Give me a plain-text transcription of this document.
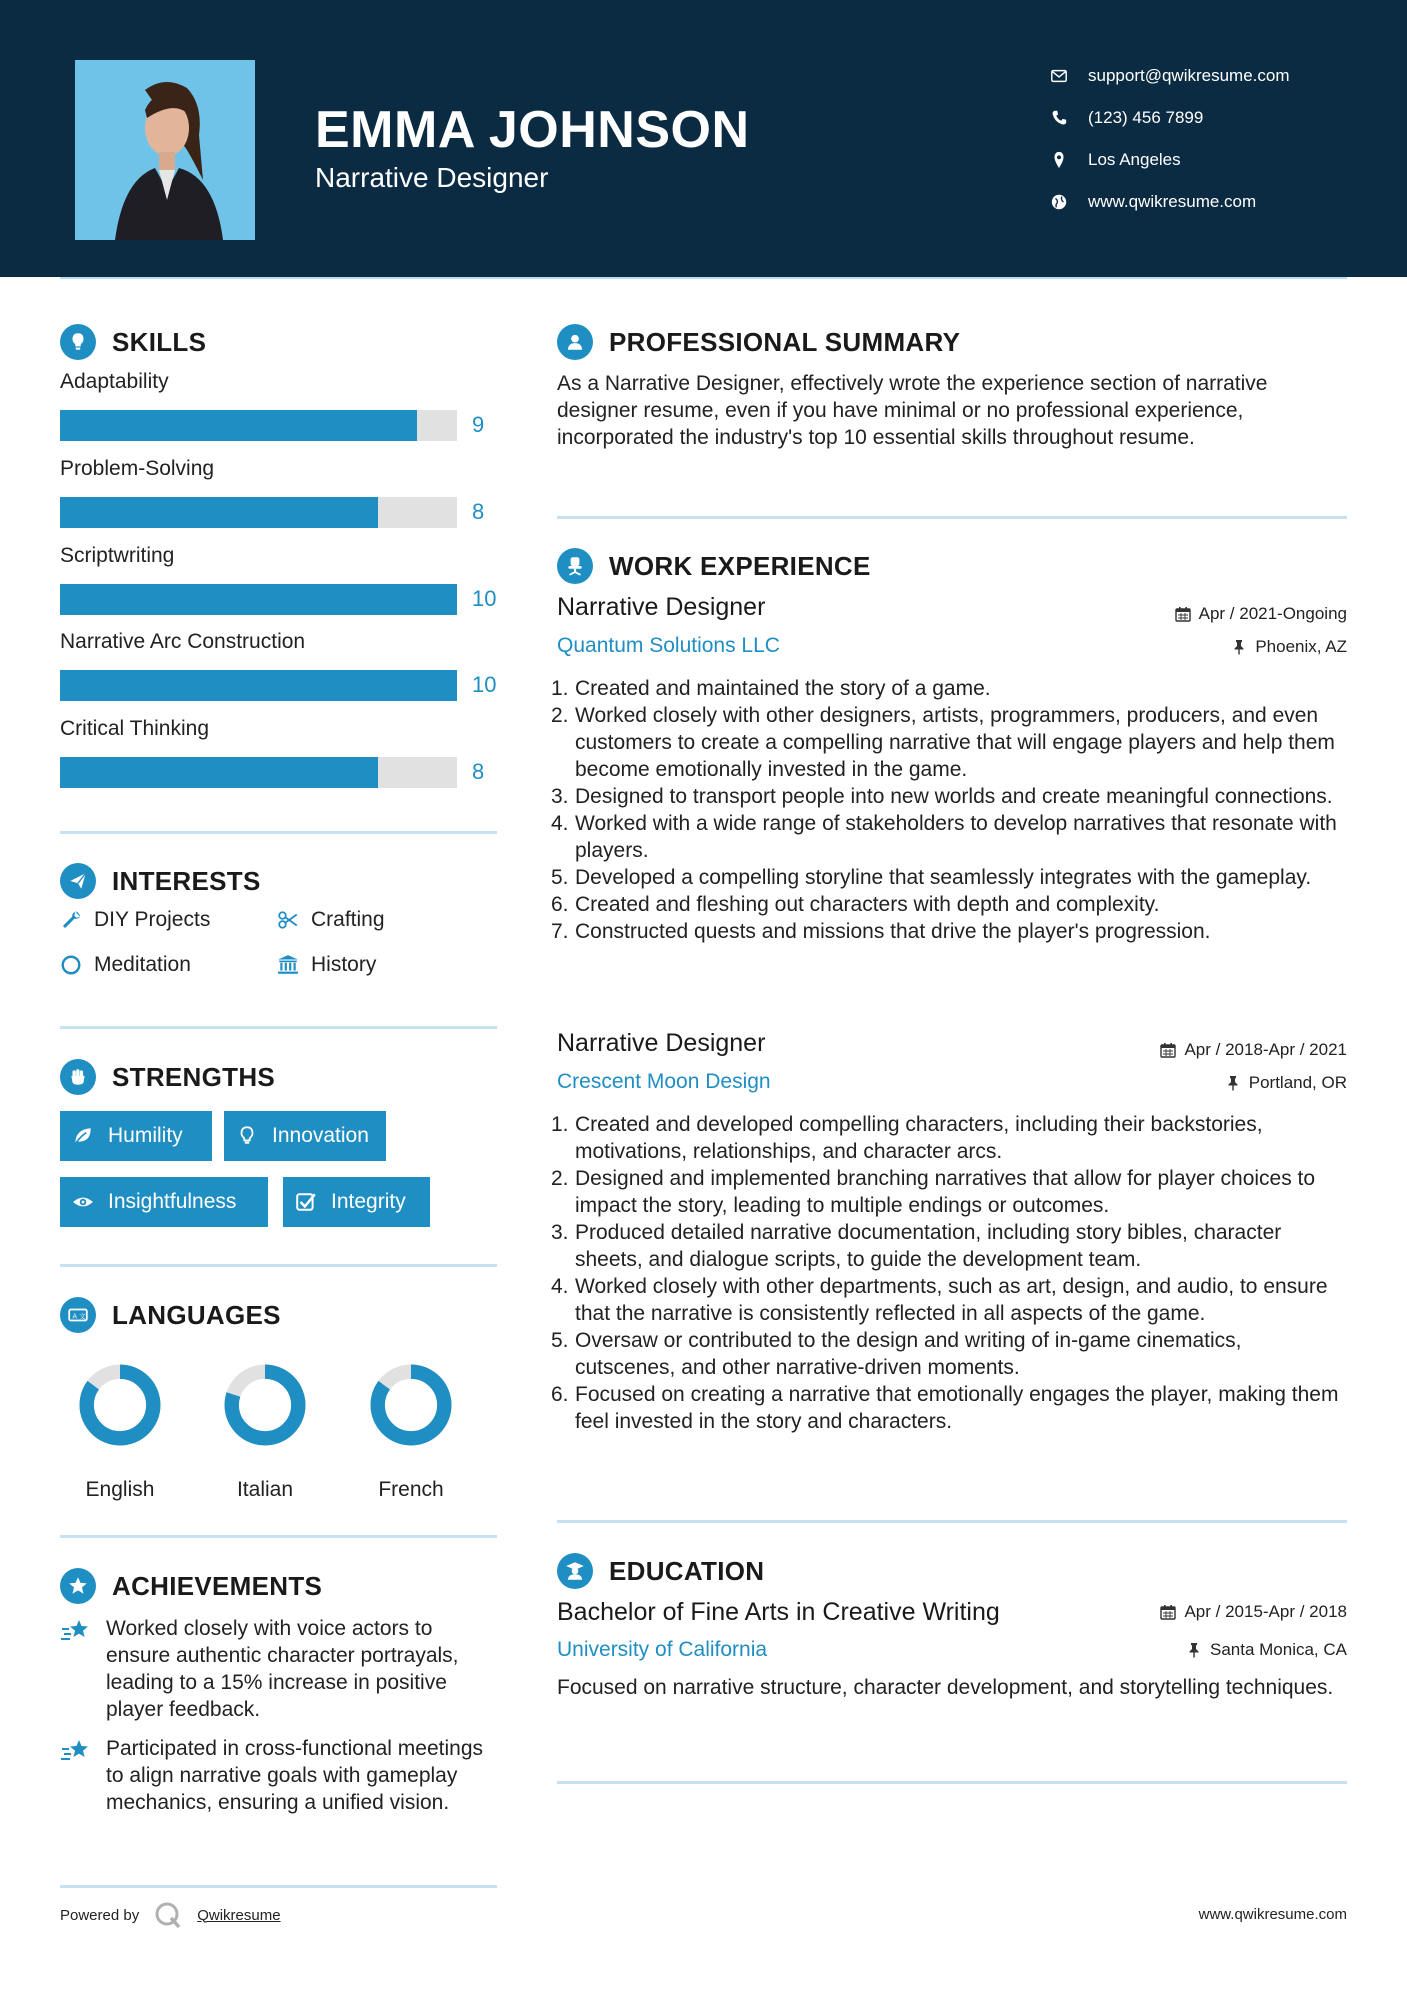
EMMA JOHNSON
Narrative Designer
support@qwikresume.com
(123) 456 7899
Los Angeles
www.qwikresume.com
SKILLS
Adaptability
9
Problem-Solving
8
Scriptwriting
10
Narrative Arc Construction
10
Critical Thinking
8
INTERESTS
DIY Projects	Crafting
Meditation	History
STRENGTHS
Humility	Innovation
Insightfulness	Integrity
A 文 LANGUAGES
English	Italian	French
ACHIEVEMENTS
Worked closely with voice actors to ensure authentic character portrayals, leading to a 15% increase in positive player feedback.
Participated in cross-functional meetings to align narrative goals with gameplay mechanics, ensuring a unified vision.
Powered by	Qwikresume	www.qwikresume.com
PROFESSIONAL SUMMARY
As a Narrative Designer, effectively wrote the experience section of narrative designer resume, even if you have minimal or no professional experience, incorporated the industry's top 10 essential skills throughout resume.
WORK EXPERIENCE
Narrative Designer	Apr / 2021-Ongoing
Quantum Solutions LLC	Phoenix, AZ
1. Created and maintained the story of a game.
2. Worked closely with other designers, artists, programmers, producers, and even customers to create a compelling narrative that will engage players and help them become emotionally invested in the game.
3. Designed to transport people into new worlds and create meaningful connections.
4. Worked with a wide range of stakeholders to develop narratives that resonate with players.
5. Developed a compelling storyline that seamlessly integrates with the gameplay.
6. Created and fleshing out characters with depth and complexity.
7. Constructed quests and missions that drive the player's progression.
Narrative Designer	Apr / 2018-Apr / 2021
Crescent Moon Design	Portland, OR
1. Created and developed compelling characters, including their backstories, motivations, relationships, and character arcs.
2. Designed and implemented branching narratives that allow for player choices to impact the story, leading to multiple endings or outcomes.
3. Produced detailed narrative documentation, including story bibles, character sheets, and dialogue scripts, to guide the development team.
4. Worked closely with other departments, such as art, design, and audio, to ensure that the narrative is consistently reflected in all aspects of the game.
5. Oversaw or contributed to the design and writing of in-game cinematics, cutscenes, and other narrative-driven moments.
6. Focused on creating a narrative that emotionally engages the player, making them feel invested in the story and characters.
EDUCATION
Bachelor of Fine Arts in Creative Writing	Apr / 2015-Apr / 2018
University of California	Santa Monica, CA
Focused on narrative structure, character development, and storytelling techniques.
